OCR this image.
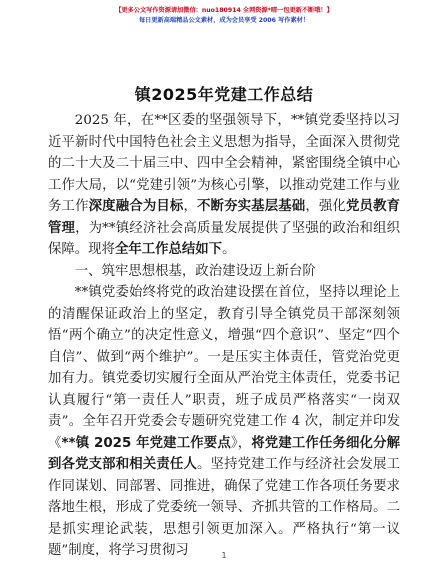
【更多公文写作资源请加微信：nuo180914 全网资源*晴一包更新不断哦！】
每日更新高端精品公文素材，成为会员享受 2006 写作素材！
镇2025年党建工作总结

2025 年，在**区委的坚强领导下，**镇党委坚持以习近平新时代中国特色社会主义思想为指导，全面深入贯彻党的二十大及二十届三中、四中全会精神，紧密围绕全镇中心工作大局，以“党建引领”为核心引擎，以推动党建工作与业务工作深度融合为目标，不断夯实基层基础，强化党员教育管理，为**镇经济社会高质量发展提供了坚强的政治和组织保障。现将全年工作总结如下。

一、筑牢思想根基，政治建设迈上新台阶

**镇党委始终将党的政治建设摆在首位，坚持以理论上的清醒保证政治上的坚定，教育引导全镇党员干部深刻领悟“两个确立”的决定性意义，增强“四个意识”、坚定“四个自信”、做到“两个维护”。一是压实主体责任，管党治党更加有力。镇党委切实履行全面从严治党主体责任，党委书记认真履行“第一责任人”职责，班子成员严格落实“一岗双责”。全年召开党委会专题研究党建工作 4 次，制定并印发《**镇 2025 年党建工作要点》，将党建工作任务细化分解到各党支部和相关责任人。坚持党建工作与经济社会发展工作同谋划、同部署、同推进，确保了党建工作各项任务要求落地生根，形成了党委统一领导、齐抓共管的工作格局。二是抓实理论武装，思想引领更加深入。严格执行“第一议题”制度，将学习贯彻习	1
